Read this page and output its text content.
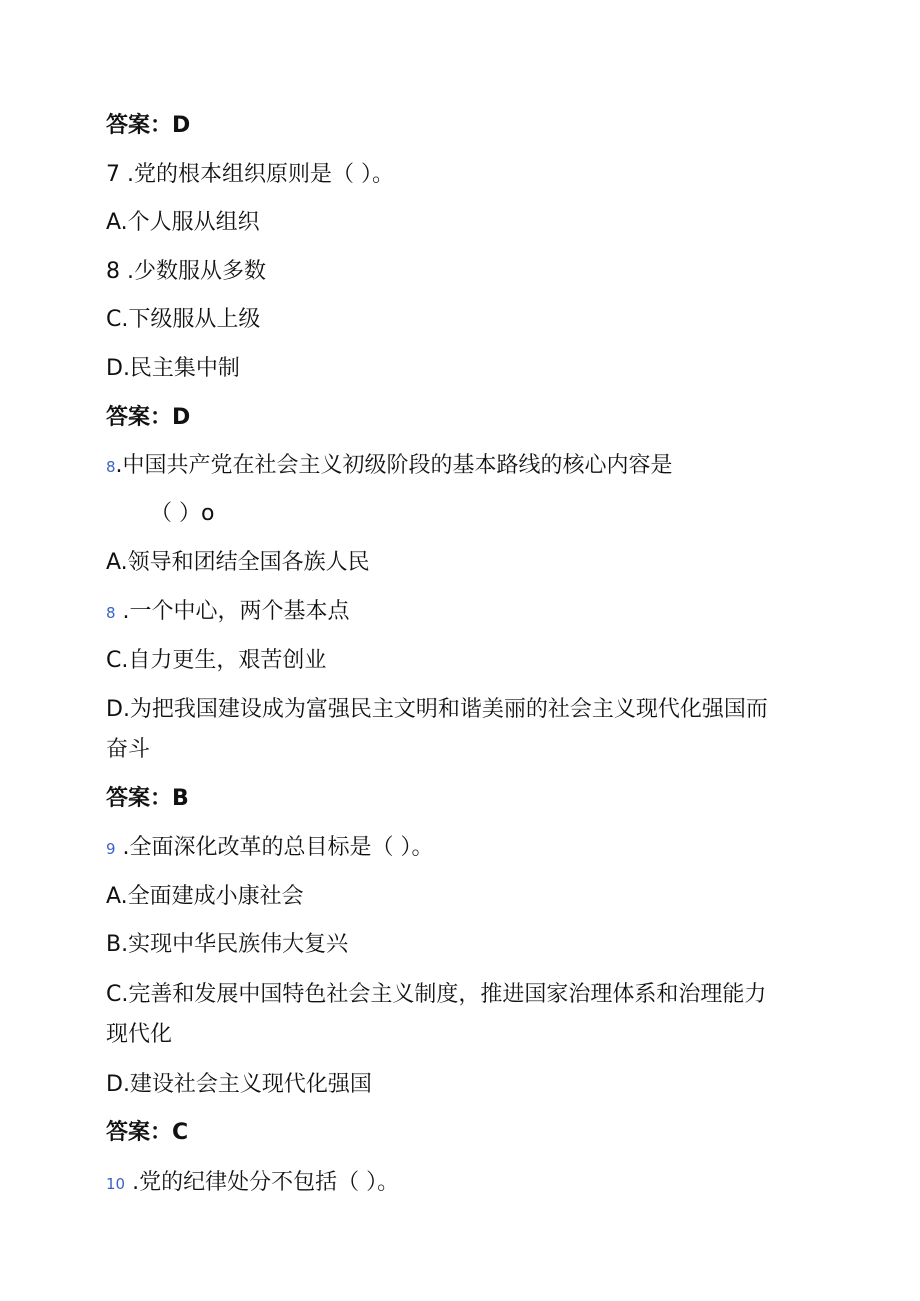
答案：D
7 .党的根本组织原则是（ ）。
A.个人服从组织
8 .少数服从多数
C.下级服从上级
D.民主集中制
答案：D
8.中国共产党在社会主义初级阶段的基本路线的核心内容是
（ ）o
A.领导和团结全国各族人民
8 .一个中心，两个基本点
C.自力更生，艰苦创业
D.为把我国建设成为富强民主文明和谐美丽的社会主义现代化强国而
奋斗
答案：B
9 .全面深化改革的总目标是（ ）。
A.全面建成小康社会
B.实现中华民族伟大复兴
C.完善和发展中国特色社会主义制度，推进国家治理体系和治理能力
现代化
D.建设社会主义现代化强国
答案：C
10 .党的纪律处分不包括（ ）。
